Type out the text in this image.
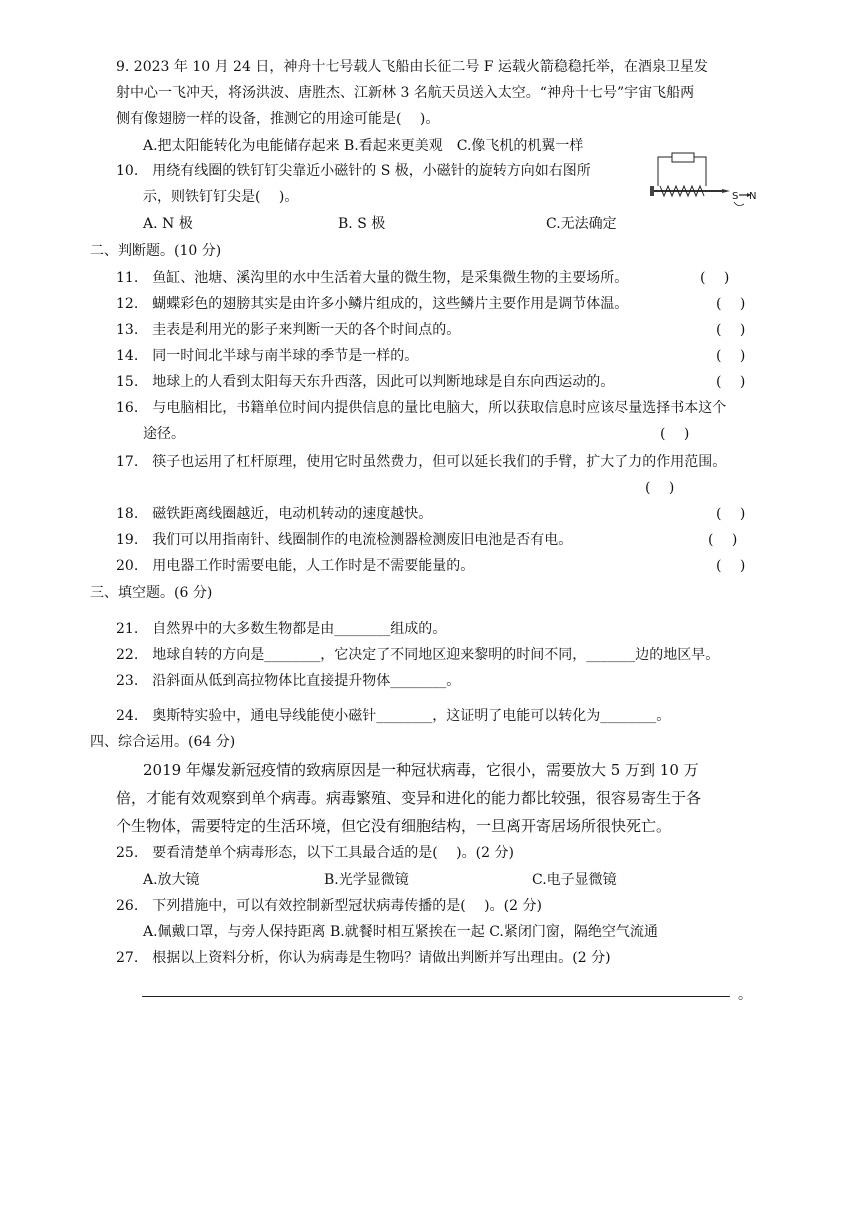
9. 2023 年 10 月 24 日，神舟十七号载人飞船由长征二号 F 运载火箭稳稳托举，在酒泉卫星发
射中心一飞冲天，将汤洪波、唐胜杰、江新林 3 名航天员送入太空。“神舟十七号”宇宙飞船两
侧有像翅膀一样的设备，推测它的用途可能是(　 )。
A.把太阳能转化为电能储存起来 B.看起来更美观　C.像飞机的机翼一样
10.　用绕有线圈的铁钉钉尖靠近小磁针的 S 极，小磁针的旋转方向如右图所
示，则铁钉钉尖是(　 )。
A. N 极	B. S 极	C.无法确定
S N
二、判断题。(10 分)
11.　鱼缸、池塘、溪沟里的水中生活着大量的微生物，是采集微生物的主要场所。	(　 )
12.　蝴蝶彩色的翅膀其实是由许多小鳞片组成的，这些鳞片主要作用是调节体温。	(　 )
13.　圭表是利用光的影子来判断一天的各个时间点的。	(　 )
14.　同一时间北半球与南半球的季节是一样的。	(　 )
15.　地球上的人看到太阳每天东升西落，因此可以判断地球是自东向西运动的。	(　 )
16.　与电脑相比，书籍单位时间内提供信息的量比电脑大，所以获取信息时应该尽量选择书本这个
途径。	(　 )
17.　筷子也运用了杠杆原理，使用它时虽然费力，但可以延长我们的手臂，扩大了力的作用范围。
(　 )
18.　磁铁距离线圈越近，电动机转动的速度越快。	(　 )
19.　我们可以用指南针、线圈制作的电流检测器检测废旧电池是否有电。	(　 )
20.　用电器工作时需要电能，人工作时是不需要能量的。	(　 )
三、填空题。(6 分)
21.　自然界中的大多数生物都是由________组成的。
22.　地球自转的方向是________，它决定了不同地区迎来黎明的时间不同，_______边的地区早。
23.　沿斜面从低到高拉物体比直接提升物体________。
24.　奥斯特实验中，通电导线能使小磁针________，这证明了电能可以转化为________。
四、综合运用。(64 分)
2019 年爆发新冠疫情的致病原因是一种冠状病毒，它很小，需要放大 5 万到 10 万
倍，才能有效观察到单个病毒。病毒繁殖、变异和进化的能力都比较强，很容易寄生于各
个生物体，需要特定的生活环境，但它没有细胞结构，一旦离开寄居场所很快死亡。
25.　要看清楚单个病毒形态，以下工具最合适的是(　 )。(2 分)
A.放大镜	B.光学显微镜	C.电子显微镜
26.　下列措施中，可以有效控制新型冠状病毒传播的是(　 )。(2 分)
A.佩戴口罩，与旁人保持距离 B.就餐时相互紧挨在一起 C.紧闭门窗，隔绝空气流通
27.　根据以上资料分析，你认为病毒是生物吗？请做出判断并写出理由。(2 分)
。
